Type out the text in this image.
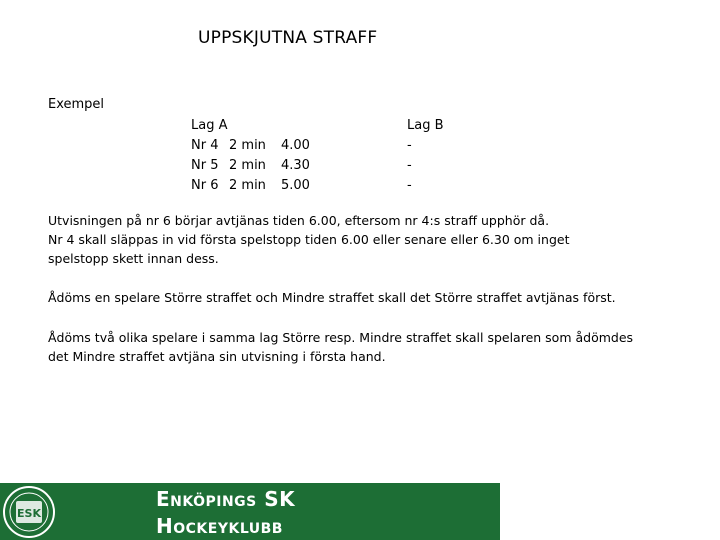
UPPSKJUTNA STRAFF
Exempel
Lag A
Nr 4 2 min 4.00
Nr 5 2 min 4.30
Nr 6 2 min 5.00
Lag B
-
-
-
Utvisningen på nr 6 börjar avtjänas tiden 6.00, eftersom nr 4:s straff upphör då.
Nr 4 skall släppas in vid första spelstopp tiden 6.00 eller senare eller 6.30 om inget
spelstopp skett innan dess.
Ådöms en spelare Större straffet och Mindre straffet skall det Större straffet avtjänas först.
Ådöms två olika spelare i samma lag Större resp. Mindre straffet skall spelaren som ådömdes
det Mindre straffet avtjäna sin utvisning i första hand.
ESK
Enköpings SK
Hockeyklubb
